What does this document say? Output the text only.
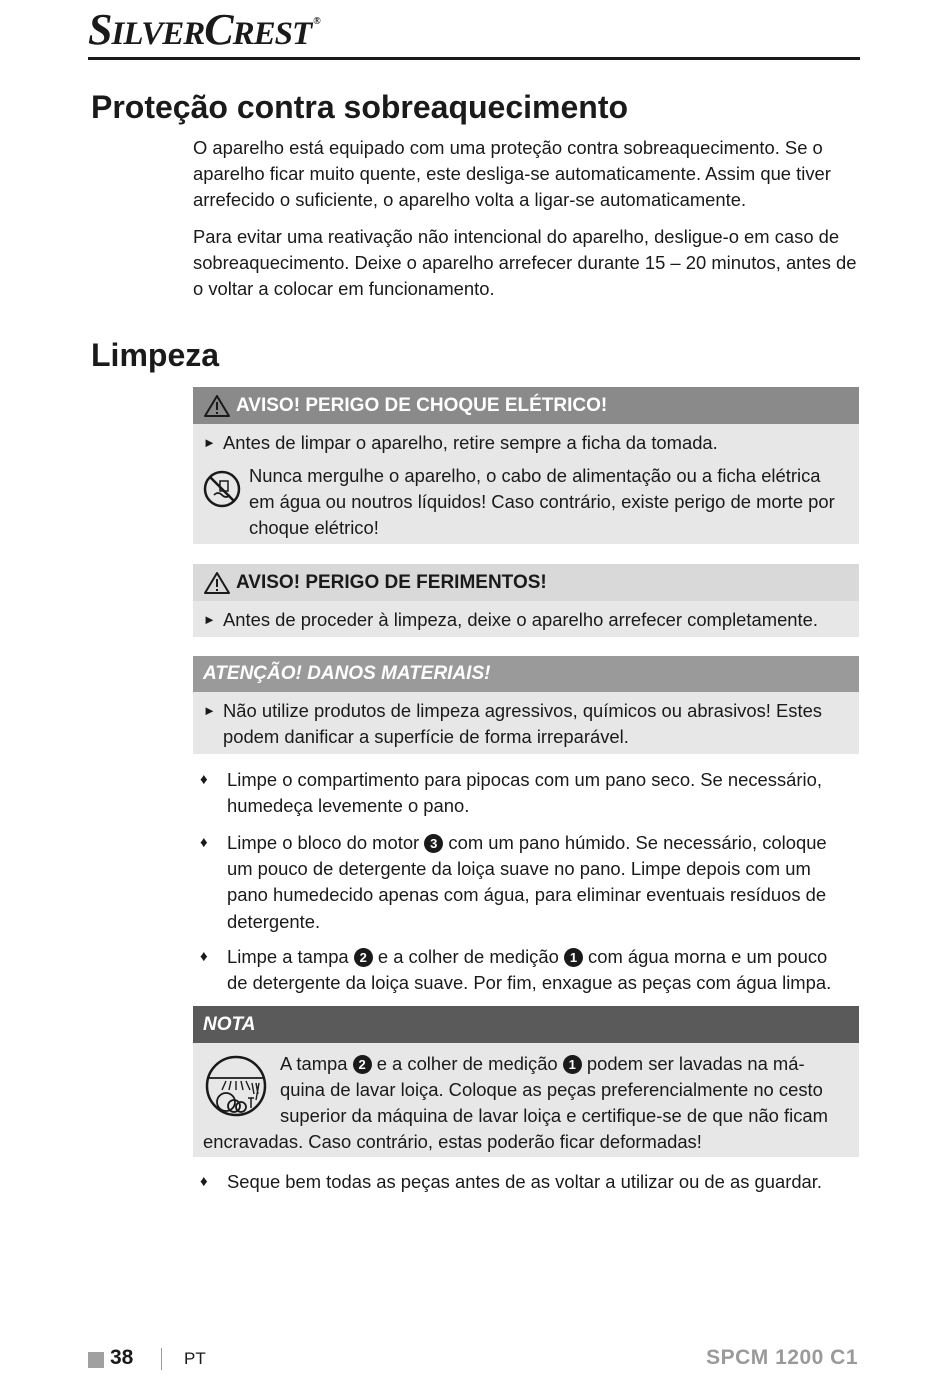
SILVERCREST ®
Proteção contra sobreaquecimento

O aparelho está equipado com uma proteção contra sobreaquecimento. Se o aparelho ficar muito quente, este desliga-se automaticamente. Assim que tiver arrefecido o suficiente, o aparelho volta a ligar-se automaticamente.

Para evitar uma reativação não intencional do aparelho, desligue-o em caso de sobreaquecimento. Deixe o aparelho arrefecer durante 15 – 20 minutos, antes de o voltar a colocar em funcionamento.

Limpeza
AVISO! PERIGO DE CHOQUE ELÉTRICO!
► Antes de limpar o aparelho, retire sempre a ficha da tomada.
Nunca mergulhe o aparelho, o cabo de alimentação ou a ficha elétrica em água ou noutros líquidos! Caso contrário, existe perigo de morte por choque elétrico!
AVISO! PERIGO DE FERIMENTOS!
► Antes de proceder à limpeza, deixe o aparelho arrefecer completamente.
ATENÇÃO! DANOS MATERIAIS!
► Não utilize produtos de limpeza agressivos, químicos ou abrasivos! Estes podem danificar a superfície de forma irreparável.
♦ Limpe o compartimento para pipocas com um pano seco. Se necessário, humedeça levemente o pano.
♦ Limpe o bloco do motor 3 com um pano húmido. Se necessário, coloque um pouco de detergente da loiça suave no pano. Limpe depois com um pano humedecido apenas com água, para eliminar eventuais resíduos de detergente.
♦ Limpe a tampa 2 e a colher de medição 1 com água morna e um pouco de detergente da loiça suave. Por fim, enxague as peças com água limpa.
NOTA
A tampa 2 e a colher de medição 1 podem ser lavadas na má-
quina de lavar loiça. Coloque as peças preferencialmente no cesto
superior da máquina de lavar loiça e certifique-se de que não ficam
encravadas. Caso contrário, estas poderão ficar deformadas!
♦ Seque bem todas as peças antes de as voltar a utilizar ou de as guardar.
38	PT	SPCM 1200 C1
